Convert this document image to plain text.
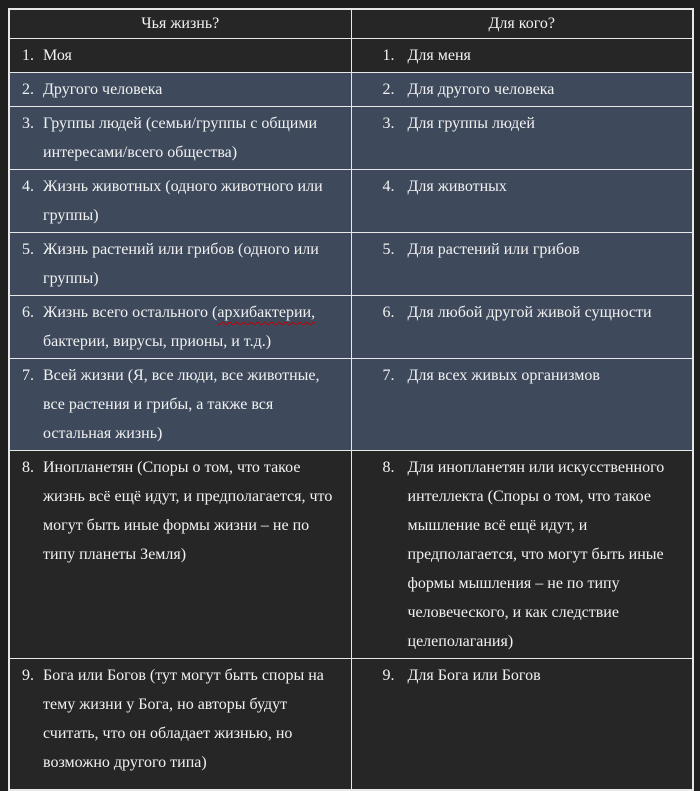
Чья жизнь?	Для кого?

1. Моя	1. Для меня

2. Другого человека	2. Для другого человека

3. Группы людей (семьи/группы с общими интересами/всего общества)	3. Для группы людей

4. Жизнь животных (одного животного или группы)	4. Для животных

5. Жизнь растений или грибов (одного или группы)	5. Для растений или грибов

6. Жизнь всего остального (архибактерии, бактерии, вирусы, прионы, и т.д.)	6. Для любой другой живой сущности

7. Всей жизни (Я, все люди, все животные, все растения и грибы, а также вся остальная жизнь)	7. Для всех живых организмов

8. Инопланетян (Споры о том, что такое жизнь всё ещё идут, и предполагается, что могут быть иные формы жизни – не по типу планеты Земля)	8. Для инопланетян или искусственного интеллекта (Споры о том, что такое мышление всё ещё идут, и предполагается, что могут быть иные формы мышления – не по типу человеческого, и как следствие целеполагания)

9. Бога или Богов (тут могут быть споры на тему жизни у Бога, но авторы будут считать, что он обладает жизнью, но возможно другого типа)	9. Для Бога или Богов
